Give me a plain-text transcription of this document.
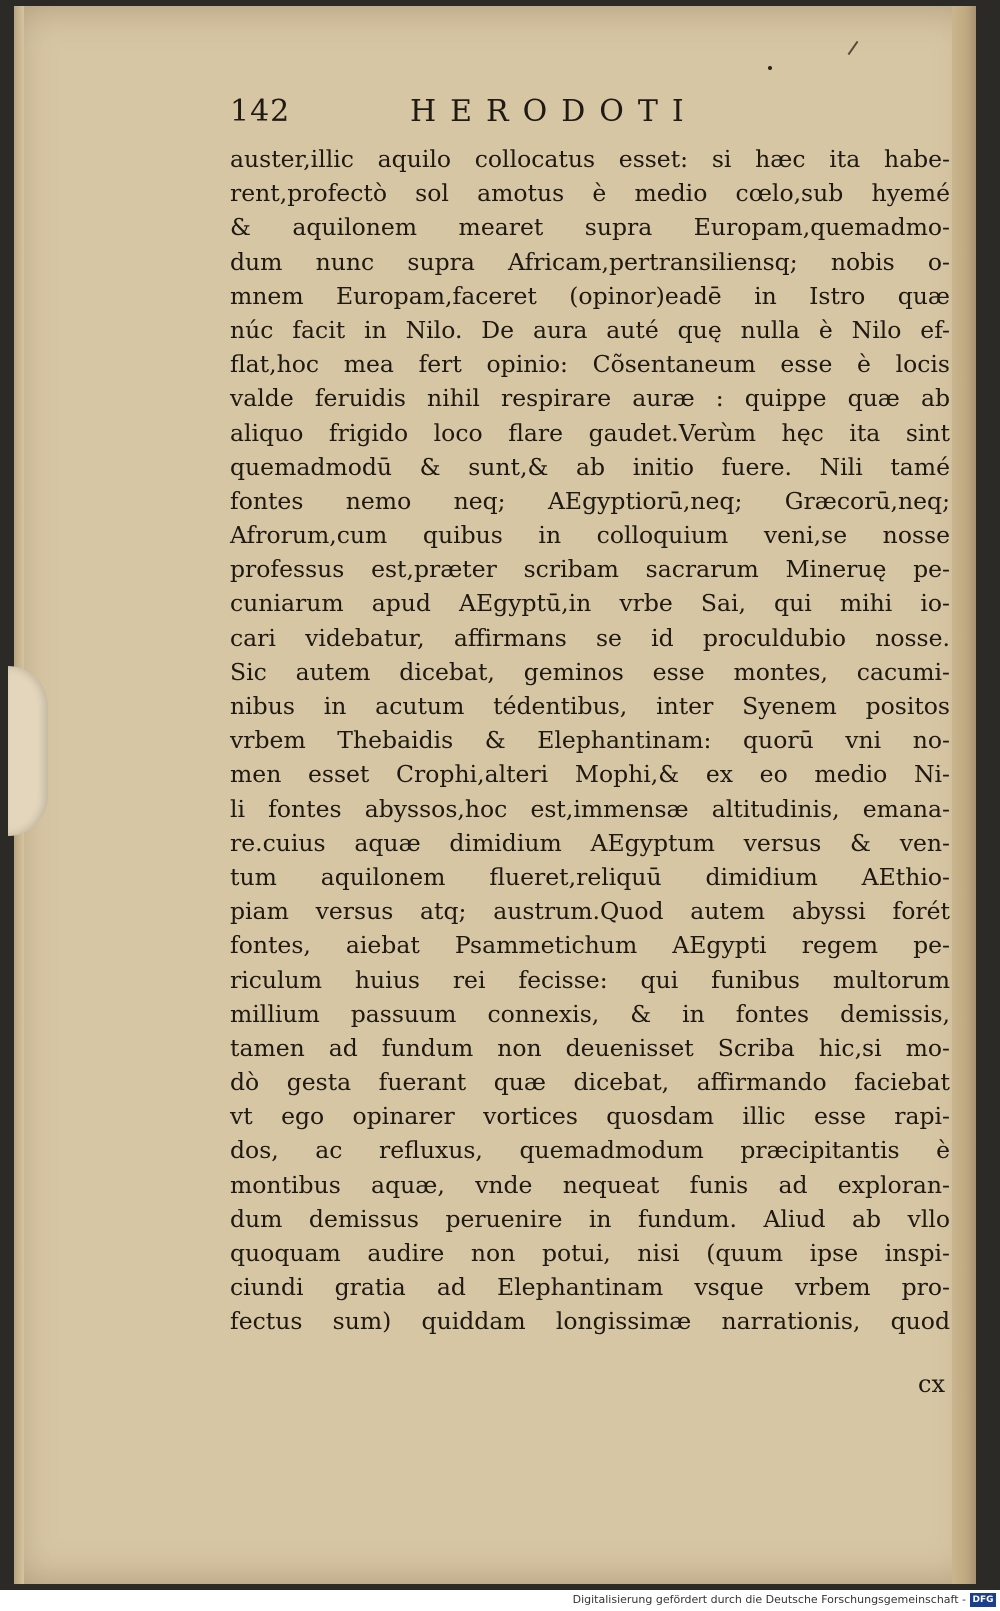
142	HERODOTI
auster,illic aquilo collocatus esset: si hæc ita habe-
rent,profectò sol amotus è medio cœlo,sub hyemé
& aquilonem mearet supra Europam,quemadmo-
dum nunc supra Africam,pertransiliensq; nobis o-
mnem Europam,faceret (opinor)eadē in Istro quæ
núc facit in Nilo. De aura auté quę nulla è Nilo ef-
flat,hoc mea fert opinio: Cõsentaneum esse è locis
valde feruidis nihil respirare auræ : quippe quæ ab
aliquo frigido loco flare gaudet.Verùm hęc ita sint
quemadmodū & sunt,& ab initio fuere. Nili tamé
fontes nemo neq; AEgyptiorū,neq; Græcorū,neq;
Afrorum,cum quibus in colloquium veni,se nosse
professus est,præter scribam sacrarum Mineruę pe-
cuniarum apud AEgyptū,in vrbe Sai, qui mihi io-
cari videbatur, affirmans se id proculdubio nosse.
Sic autem dicebat, geminos esse montes, cacumi-
nibus in acutum tédentibus, inter Syenem positos
vrbem Thebaidis & Elephantinam: quorū vni no-
men esset Crophi,alteri Mophi,& ex eo medio Ni-
li fontes abyssos,hoc est,immensæ altitudinis, emana-
re.cuius aquæ dimidium AEgyptum versus & ven-
tum aquilonem flueret,reliquū dimidium AEthio-
piam versus atq; austrum.Quod autem abyssi forét
fontes, aiebat Psammetichum AEgypti regem pe-
riculum huius rei fecisse: qui funibus multorum
millium passuum connexis, & in fontes demissis,
tamen ad fundum non deuenisset Scriba hic,si mo-
dò gesta fuerant quæ dicebat, affirmando faciebat
vt ego opinarer vortices quosdam illic esse rapi-
dos, ac refluxus, quemadmodum præcipitantis è
montibus aquæ, vnde nequeat funis ad exploran-
dum demissus peruenire in fundum. Aliud ab vllo
quoquam audire non potui, nisi (quum ipse inspi-
ciundi gratia ad Elephantinam vsque vrbem pro-
fectus sum) quiddam longissimæ narrationis, quod
cx
Digitalisierung gefördert durch die Deutsche Forschungsgemeinschaft - DFG
